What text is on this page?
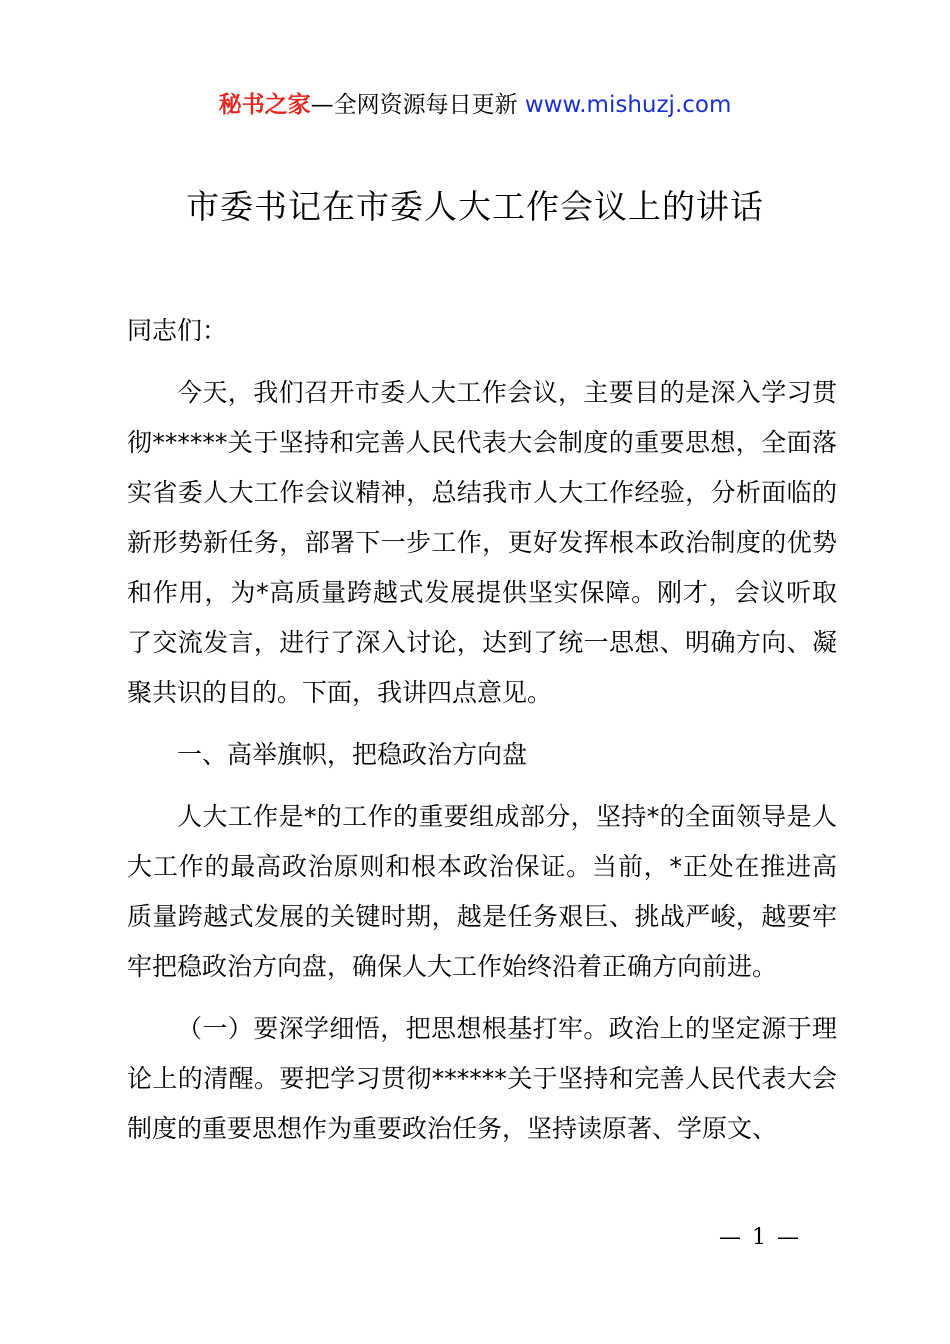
秘书之家—全网资源每日更新 www.mishuzj.com
市委书记在市委人大工作会议上的讲话

同志们：

今天，我们召开市委人大工作会议，主要目的是深入学习贯彻******关于坚持和完善人民代表大会制度的重要思想，全面落实省委人大工作会议精神，总结我市人大工作经验，分析面临的新形势新任务，部署下一步工作，更好发挥根本政治制度的优势和作用，为*高质量跨越式发展提供坚实保障。刚才，会议听取了交流发言，进行了深入讨论，达到了统一思想、明确方向、凝聚共识的目的。下面，我讲四点意见。

一、高举旗帜，把稳政治方向盘

人大工作是*的工作的重要组成部分，坚持*的全面领导是人大工作的最高政治原则和根本政治保证。当前，*正处在推进高质量跨越式发展的关键时期，越是任务艰巨、挑战严峻，越要牢牢把稳政治方向盘，确保人大工作始终沿着正确方向前进。

（一）要深学细悟，把思想根基打牢。政治上的坚定源于理论上的清醒。要把学习贯彻******关于坚持和完善人民代表大会制度的重要思想作为重要政治任务，坚持读原著、学原文、

— 1 —
